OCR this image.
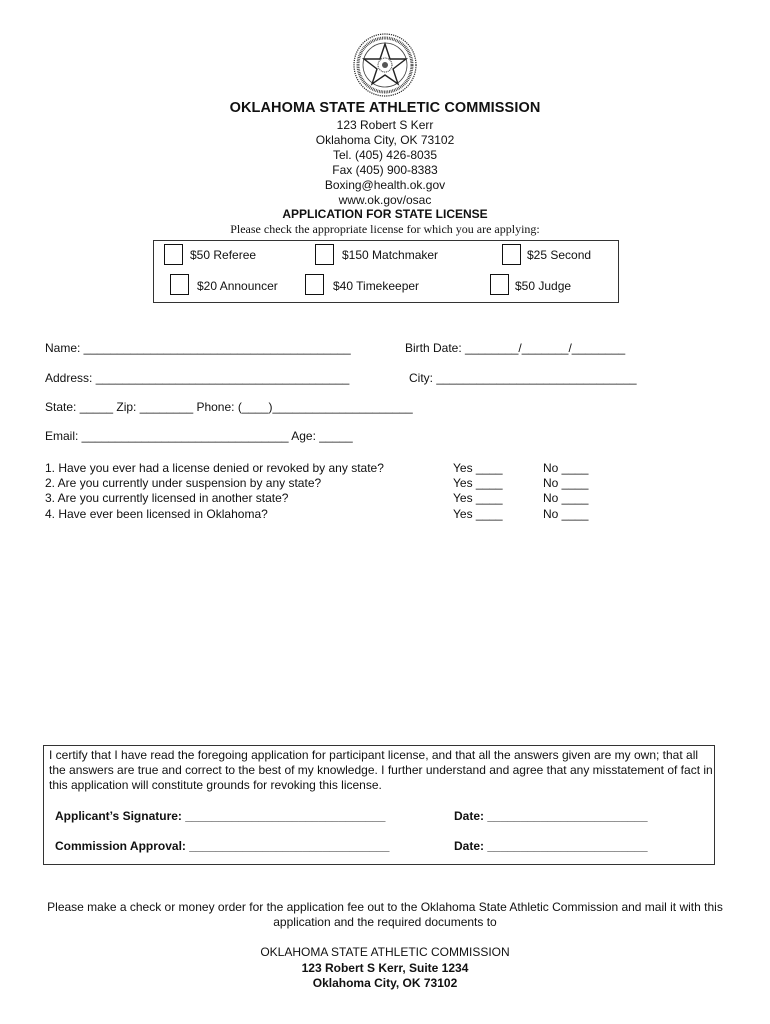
OKLAHOMA STATE ATHLETIC COMMISSION
123 Robert S Kerr
Oklahoma City, OK 73102
Tel. (405) 426-8035
Fax (405) 900-8383
Boxing@health.ok.gov
www.ok.gov/osac
APPLICATION FOR STATE LICENSE
Please check the appropriate license for which you are applying:
$50 Referee	$150 Matchmaker	$25 Second
$20 Announcer	$40 Timekeeper	$50 Judge
Name: ________________________________________	Birth Date: ________/_______/________
Address: ______________________________________	City: ______________________________
State: _____ Zip: ________ Phone: (____)_____________________
Email: _______________________________ Age: _____
1. Have you ever had a license denied or revoked by any state?	Yes ____	No ____
2. Are you currently under suspension by any state?	Yes ____	No ____
3. Are you currently licensed in another state?	Yes ____	No ____
4. Have ever been licensed in Oklahoma?	Yes ____	No ____
I certify that I have read the foregoing application for participant license, and that all the answers given are my own; that all the answers are true and correct to the best of my knowledge. I further understand and agree that any misstatement of fact in this application will constitute grounds for revoking this license.
Applicant’s Signature: ______________________________	Date: ________________________
Commission Approval: ______________________________	Date: ________________________
Please make a check or money order for the application fee out to the Oklahoma State Athletic Commission and mail it with this application and the required documents to
OKLAHOMA STATE ATHLETIC COMMISSION
123 Robert S Kerr, Suite 1234
Oklahoma City, OK 73102
